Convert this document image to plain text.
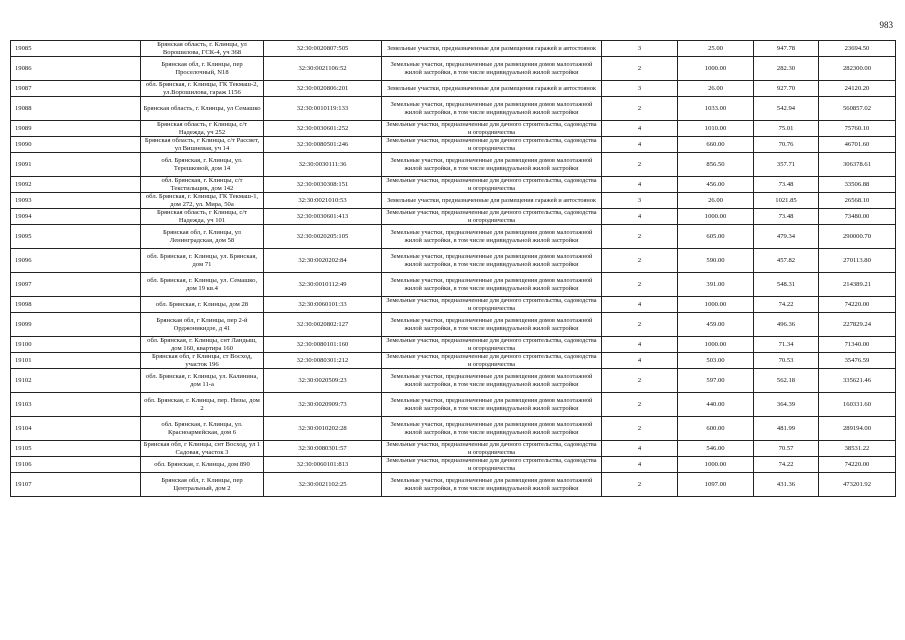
983
19085	Брянская область, г. Клинцы, ул Ворошилова, ГСК-4, уч 368	32:30:0020807:505	Земельные участки, предназначенные для размещения гаражей и автостоянок	3	25.00	947.78	23694.50
19086	Брянская обл, г. Клинцы, пер Проселочный, N18	32:30:0021106:52	Земельные участки, предназначенные для размещения домов малоэтажной жилой застройки, в том числе индивидуальной жилой застройки	2	1000.00	282.30	282300.00
19087	обл. Брянская, г. Клинцы, ГК Текмаш-2, ул.Ворошилова, гараж 1156	32:30:0020806:201	Земельные участки, предназначенные для размещения гаражей и автостоянок	3	26.00	927.70	24120.20
19088	Брянская область, г. Клинцы, ул Семашко	32:30:0010119:133	Земельные участки, предназначенные для размещения домов малоэтажной жилой застройки, в том числе индивидуальной жилой застройки	2	1033.00	542.94	560857.02
19089	Брянская область, г Клинцы, с/т Надежда, уч 252	32:30:0030601:252	Земельные участки, предназначенные для дачного строительства, садоводства и огородничества	4	1010.00	75.01	75760.10
19090	Брянская область, г Клинцы, с/т Рассвет, ул Вишневая, уч 14	32:30:0080501:246	Земельные участки, предназначенные для дачного строительства, садоводства и огородничества	4	660.00	70.76	46701.60
19091	обл. Брянская, г. Клинцы, ул. Терешковой, дом 14	32:30:0030111:36	Земельные участки, предназначенные для размещения домов малоэтажной жилой застройки, в том числе индивидуальной жилой застройки	2	856.50	357.71	306378.61
19092	обл. Брянская, г. Клинцы, с/т Текстильщик, дом 142	32:30:0030308:151	Земельные участки, предназначенные для дачного строительства, садоводства и огородничества	4	456.00	73.48	33506.88
19093	обл. Брянская, г. Клинцы, ГК Текмаш-1, дом 272, ул. Мира, 50а	32:30:0021010:53	Земельные участки, предназначенные для размещения гаражей и автостоянок	3	26.00	1021.85	26568.10
19094	Брянская область, г Клинцы, с/т Надежда, уч 101	32:30:0030601:413	Земельные участки, предназначенные для дачного строительства, садоводства и огородничества	4	1000.00	73.48	73480.00
19095	Брянская обл, г. Клинцы, ул Ленинградская, дом 58	32:30:0020205:105	Земельные участки, предназначенные для размещения домов малоэтажной жилой застройки, в том числе индивидуальной жилой застройки	2	605.00	479.34	290000.70
19096	обл. Брянская, г. Клинцы, ул. Брянская, дом 71	32:30:0020202:84	Земельные участки, предназначенные для размещения домов малоэтажной жилой застройки, в том числе индивидуальной жилой застройки	2	590.00	457.82	270113.80
19097	обл. Брянская, г. Клинцы, ул. Семашко, дом 19 кв.4	32:30:0010112:49	Земельные участки, предназначенные для размещения домов малоэтажной жилой застройки, в том числе индивидуальной жилой застройки	2	391.00	548.31	214389.21
19098	обл. Брянская, г. Клинцы, дом 28	32:30:0060101:33	Земельные участки, предназначенные для дачного строительства, садоводства и огородничества	4	1000.00	74.22	74220.00
19099	Брянская обл, г Клинцы, пер 2-й Орджоникидзе, д 41	32:30:0020802:127	Земельные участки, предназначенные для размещения домов малоэтажной жилой застройки, в том числе индивидуальной жилой застройки	2	459.00	496.36	227829.24
19100	обл. Брянская, г. Клинцы, снт Ландыш, дом 160, квартира 160	32:30:0080101:160	Земельные участки, предназначенные для дачного строительства, садоводства и огородничества	4	1000.00	71.34	71340.00
19101	Брянская обл, г Клинцы, ст Восход, участок 196	32:30:0080301:212	Земельные участки, предназначенные для дачного строительства, садоводства и огородничества	4	503.00	70.53	35476.59
19102	обл. Брянская, г. Клинцы, ул. Калинина, дом 11-а	32:30:0020509:23	Земельные участки, предназначенные для размещения домов малоэтажной жилой застройки, в том числе индивидуальной жилой застройки	2	597.00	562.18	335621.46
19103	обл. Брянская, г. Клинцы, пер. Низы, дом 2	32:30:0020909:73	Земельные участки, предназначенные для размещения домов малоэтажной жилой застройки, в том числе индивидуальной жилой застройки	2	440.00	364.39	160331.60
19104	обл. Брянская, г. Клинцы, ул. Красноармейская, дом 6	32:30:0010202:28	Земельные участки, предназначенные для размещения домов малоэтажной жилой застройки, в том числе индивидуальной жилой застройки	2	600.00	481.99	289194.00
19105	Брянская обл, г Клинцы, снт Восход, ул 1 Садовая, участок 3	32:30:0080301:57	Земельные участки, предназначенные для дачного строительства, садоводства и огородничества	4	546.00	70.57	38531.22
19106	обл. Брянская, г. Клинцы, дом 890	32:30:0060101:813	Земельные участки, предназначенные для дачного строительства, садоводства и огородничества	4	1000.00	74.22	74220.00
19107	Брянская обл, г. Клинцы, пер Центральный, дом 2	32:30:0021102:25	Земельные участки, предназначенные для размещения домов малоэтажной жилой застройки, в том числе индивидуальной жилой застройки	2	1097.00	431.36	473201.92
